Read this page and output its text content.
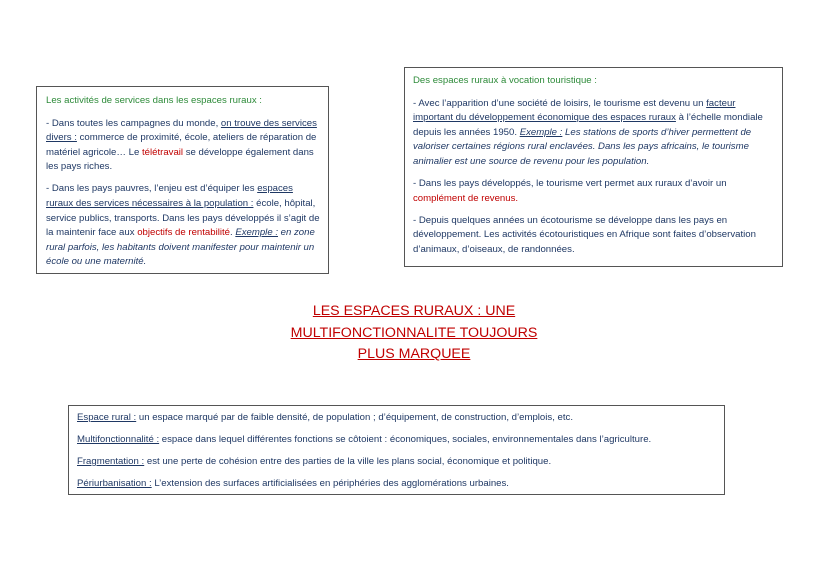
Les activités de services dans les espaces ruraux :

- Dans toutes les campagnes du monde, on trouve des services divers : commerce de proximité, école, ateliers de réparation de matériel agricole… Le télétravail se développe également dans les pays riches.

- Dans les pays pauvres, l’enjeu est d’équiper les espaces ruraux des services nécessaires à la population : école, hôpital, service publics, transports. Dans les pays développés il s’agit de la maintenir face aux objectifs de rentabilité. Exemple : en zone rural parfois, les habitants doivent manifester pour maintenir un école ou une maternité.

Des espaces ruraux à vocation touristique :

- Avec l’apparition d’une société de loisirs, le tourisme est devenu un facteur important du développement économique des espaces ruraux à l’échelle mondiale depuis les années 1950. Exemple : Les stations de sports d’hiver permettent de valoriser certaines régions rural enclavées. Dans les pays africains, le tourisme animalier est une source de revenu pour les population.

- Dans les pays développés, le tourisme vert permet aux ruraux d’avoir un complément de revenus.

- Depuis quelques années un écotourisme se développe dans les pays en développement. Les activités écotouristiques en Afrique sont faites d’observation d’animaux, d’oiseaux, de randonnées.

LES ESPACES RURAUX : UNE
MULTIFONCTIONNALITE TOUJOURS
PLUS MARQUEE

Espace rural : un espace marqué par de faible densité, de population ; d’équipement, de construction, d’emplois, etc.

Multifonctionnalité : espace dans lequel différentes fonctions se côtoient : économiques, sociales, environnementales dans l’agriculture.

Fragmentation : est une perte de cohésion entre des parties de la ville les plans social, économique et politique.

Périurbanisation : L’extension des surfaces artificialisées en périphéries des agglomérations urbaines.
